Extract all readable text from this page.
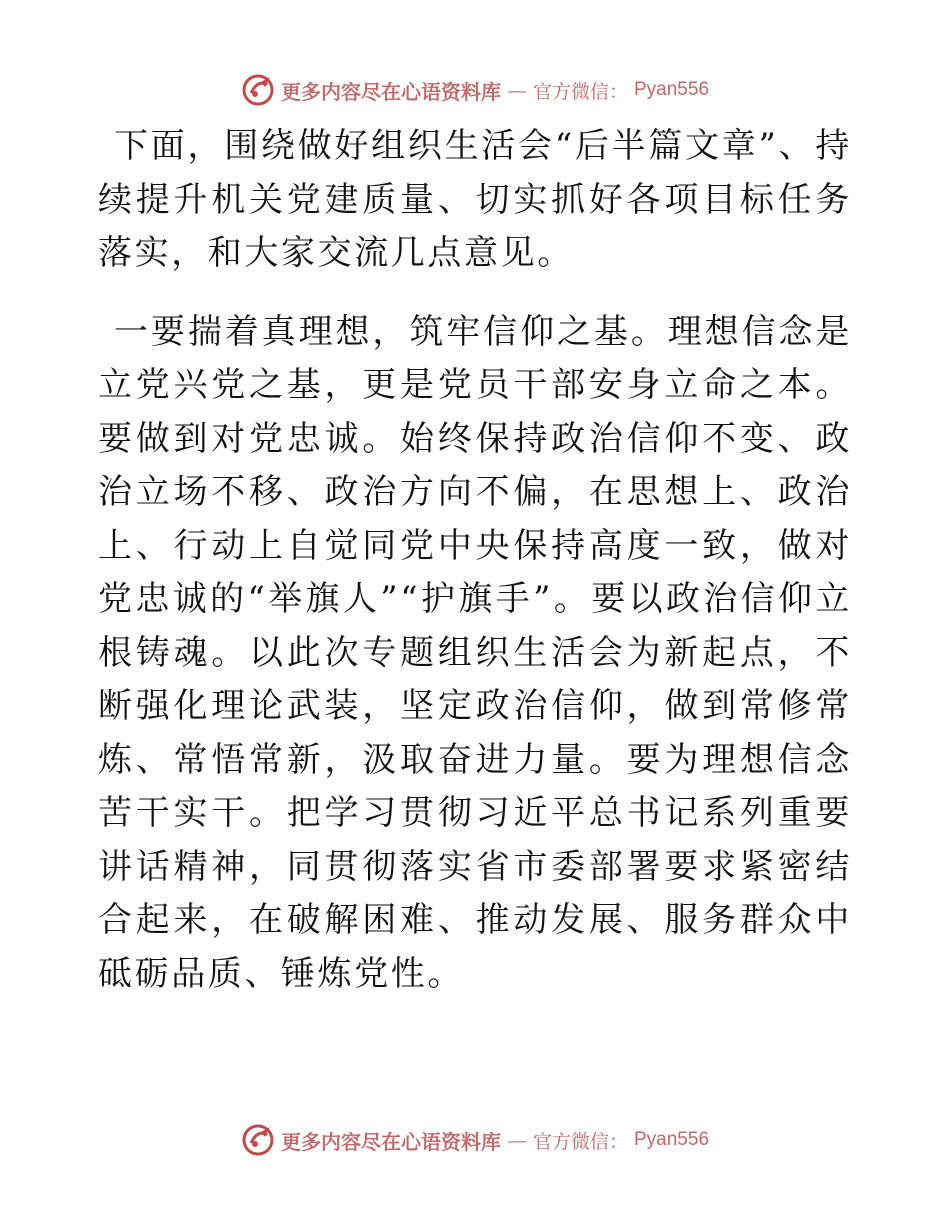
更多内容尽在心语资料库 — 官方微信： Pyan556

下面，围绕做好组织生活会“后半篇文章”、持续提升机关党建质量、切实抓好各项目标任务落实，和大家交流几点意见。

一要揣着真理想，筑牢信仰之基。理想信念是立党兴党之基，更是党员干部安身立命之本。要做到对党忠诚。始终保持政治信仰不变、政治立场不移、政治方向不偏，在思想上、政治上、行动上自觉同党中央保持高度一致，做对党忠诚的“举旗人”“护旗手”。要以政治信仰立根铸魂。以此次专题组织生活会为新起点，不断强化理论武装，坚定政治信仰，做到常修常炼、常悟常新，汲取奋进力量。要为理想信念苦干实干。把学习贯彻习近平总书记系列重要讲话精神，同贯彻落实省市委部署要求紧密结合起来，在破解困难、推动发展、服务群众中砥砺品质、锤炼党性。

更多内容尽在心语资料库 — 官方微信： Pyan556
